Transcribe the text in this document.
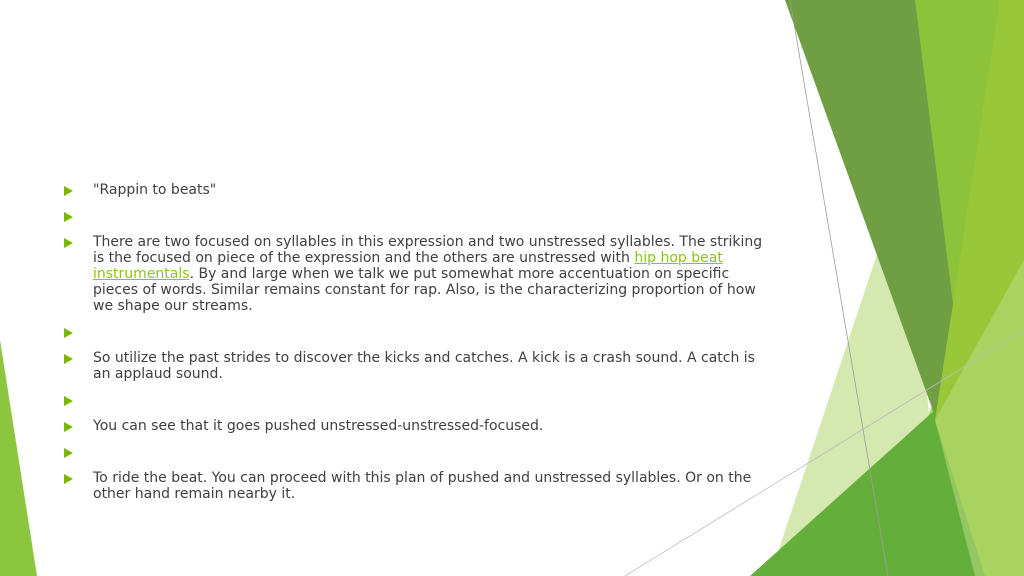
"Rappin to beats"
There are two focused on syllables in this expression and two unstressed syllables. The striking is the focused on piece of the expression and the others are unstressed with hip hop beat instrumentals. By and large when we talk we put somewhat more accentuation on specific pieces of words. Similar remains constant for rap. Also, is the characterizing proportion of how we shape our streams.
So utilize the past strides to discover the kicks and catches. A kick is a crash sound. A catch is an applaud sound.
You can see that it goes pushed unstressed-unstressed-focused.
To ride the beat. You can proceed with this plan of pushed and unstressed syllables. Or on the other hand remain nearby it.
